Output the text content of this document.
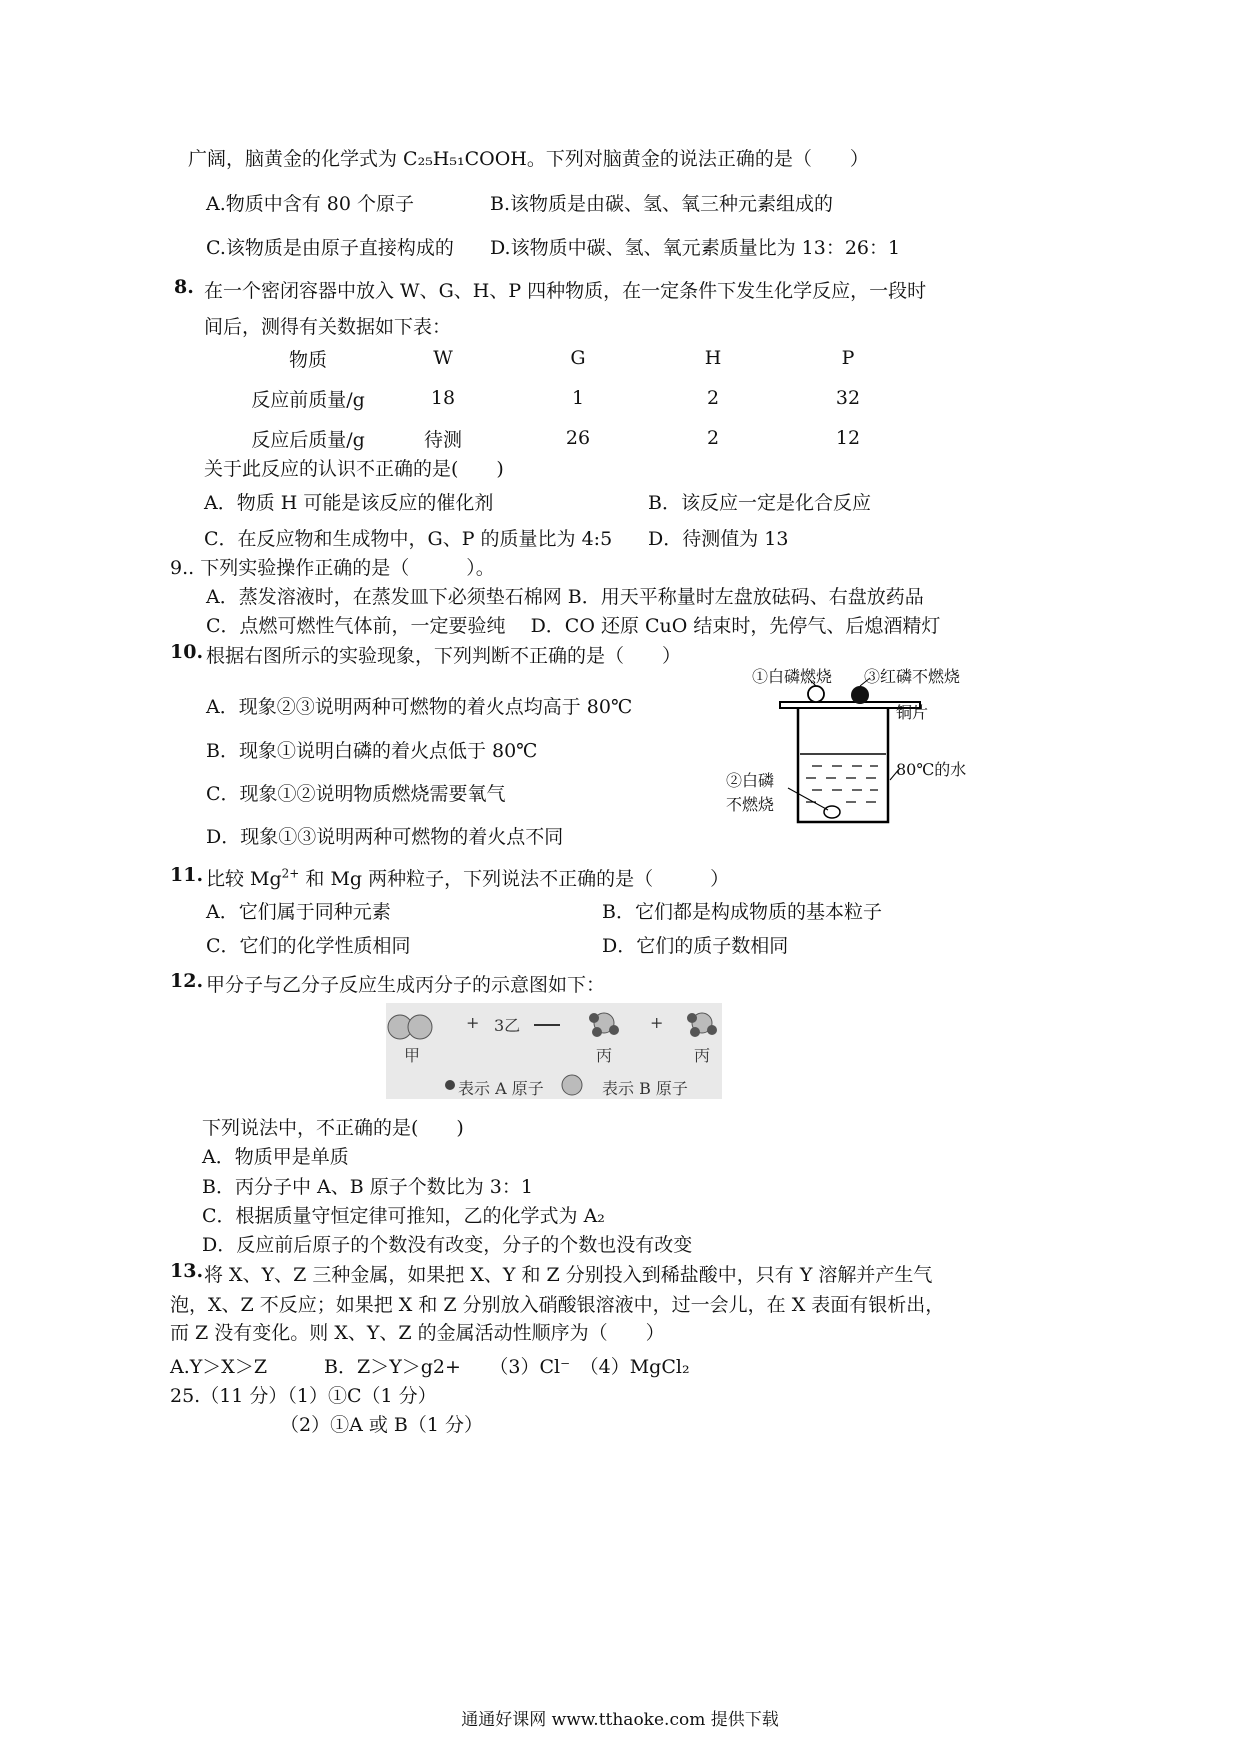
广阔，脑黄金的化学式为 C₂₅H₅₁COOH。下列对脑黄金的说法正确的是（　　）
A.物质中含有 80 个原子	B.该物质是由碳、氢、氧三种元素组成的
C.该物质是由原子直接构成的 D.该物质中碳、氢、氧元素质量比为 13：26：1
8. 在一个密闭容器中放入 W、G、H、P 四种物质，在一定条件下发生化学反应，一段时
间后，测得有关数据如下表：
物质	W	G	H	P
反应前质量/g	18	1	2	32
反应后质量/g	待测	26	2	12
关于此反应的认识不正确的是(　　)
A．物质 H 可能是该反应的催化剂	B．该反应一定是化合反应
C．在反应物和生成物中，G、P 的质量比为 4:5 D．待测值为 13
9.. 下列实验操作正确的是（　　　）。
A．蒸发溶液时，在蒸发皿下必须垫石棉网 B．用天平称量时左盘放砝码、右盘放药品
C．点燃可燃性气体前，一定要验纯　 D．CO 还原 CuO 结束时，先停气、后熄酒精灯
10. 根据右图所示的实验现象，下列判断不正确的是（　　）
A．现象②③说明两种可燃物的着火点均高于 80℃
B．现象①说明白磷的着火点低于 80℃
C．现象①②说明物质燃烧需要氧气
D．现象①③说明两种可燃物的着火点不同
①白磷燃烧 ③红磷不燃烧
铜片
80℃的水
②白磷
不燃烧
11. 比较 $Mg^{2+}$ 和 Mg 两种粒子，下列说法不正确的是（　　　）
A．它们属于同种元素	B．它们都是构成物质的基本粒子
C．它们的化学性质相同	D．它们的质子数相同
12. 甲分子与乙分子反应生成丙分子的示意图如下：
+ 3乙	+
甲	丙	丙
表示 A 原子	表示 B 原子
下列说法中，不正确的是(　　)
A．物质甲是单质
B．丙分子中 A、B 原子个数比为 3：1
C．根据质量守恒定律可推知，乙的化学式为 A₂
D．反应前后原子的个数没有改变，分子的个数也没有改变
13. 将 X、Y、Z 三种金属，如果把 X、Y 和 Z 分别投入到稀盐酸中，只有 Y 溶解并产生气
泡，X、Z 不反应；如果把 X 和 Z 分别放入硝酸银溶液中，过一会儿，在 X 表面有银析出，
而 Z 没有变化。则 X、Y、Z 的金属活动性顺序为（　　）
A.Y＞X＞Z　　　B．Z＞Y＞g2+　　（3）Cl⁻　（4）MgCl₂
25.（11 分）（1）①C（1 分）
（2）①A 或 B（1 分）
通通好课网 www.tthaoke.com 提供下载
